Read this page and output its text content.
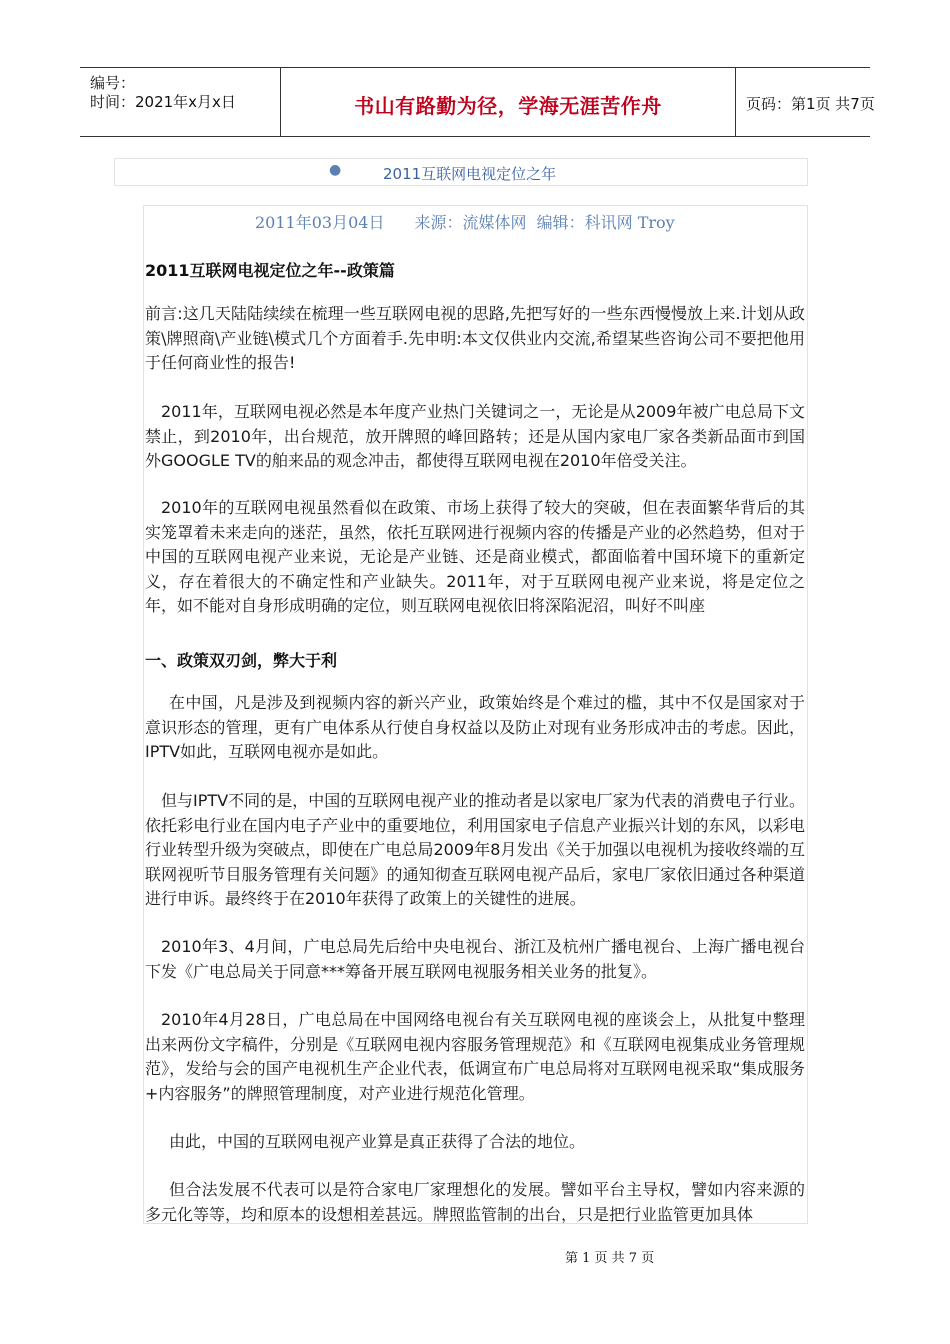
编号：
时间：2021年x月x日	书山有路勤为径，学海无涯苦作舟	页码：第1页 共7页
●	2011互联网电视定位之年
2011年03月04日 来源：流媒体网 编辑：科讯网 Troy
2011互联网电视定位之年--政策篇
前言:这几天陆陆续续在梳理一些互联网电视的思路,先把写好的一些东西慢慢放上来.计划从政策\牌照商\产业链\模式几个方面着手.先申明:本文仅供业内交流,希望某些咨询公司不要把他用于任何商业性的报告!
2011年，互联网电视必然是本年度产业热门关键词之一，无论是从2009年被广电总局下文禁止，到2010年，出台规范，放开牌照的峰回路转；还是从国内家电厂家各类新品面市到国外GOOGLE TV的舶来品的观念冲击，都使得互联网电视在2010年倍受关注。
2010年的互联网电视虽然看似在政策、市场上获得了较大的突破，但在表面繁华背后的其实笼罩着未来走向的迷茫，虽然，依托互联网进行视频内容的传播是产业的必然趋势，但对于中国的互联网电视产业来说，无论是产业链、还是商业模式，都面临着中国环境下的重新定义，存在着很大的不确定性和产业缺失。2011年，对于互联网电视产业来说，将是定位之年，如不能对自身形成明确的定位，则互联网电视依旧将深陷泥沼，叫好不叫座
一、政策双刃剑，弊大于利
在中国，凡是涉及到视频内容的新兴产业，政策始终是个难过的槛，其中不仅是国家对于意识形态的管理，更有广电体系从行使自身权益以及防止对现有业务形成冲击的考虑。因此，IPTV如此，互联网电视亦是如此。
但与IPTV不同的是，中国的互联网电视产业的推动者是以家电厂家为代表的消费电子行业。依托彩电行业在国内电子产业中的重要地位，利用国家电子信息产业振兴计划的东风，以彩电行业转型升级为突破点，即使在广电总局2009年8月发出《关于加强以电视机为接收终端的互联网视听节目服务管理有关问题》的通知彻查互联网电视产品后，家电厂家依旧通过各种渠道进行申诉。最终终于在2010年获得了政策上的关键性的进展。
2010年3、4月间，广电总局先后给中央电视台、浙江及杭州广播电视台、上海广播电视台下发《广电总局关于同意***筹备开展互联网电视服务相关业务的批复》。
2010年4月28日，广电总局在中国网络电视台有关互联网电视的座谈会上，从批复中整理出来两份文字稿件，分别是《互联网电视内容服务管理规范》和《互联网电视集成业务管理规范》，发给与会的国产电视机生产企业代表，低调宣布广电总局将对互联网电视采取“集成服务+内容服务”的牌照管理制度，对产业进行规范化管理。
由此，中国的互联网电视产业算是真正获得了合法的地位。
但合法发展不代表可以是符合家电厂家理想化的发展。譬如平台主导权，譬如内容来源的多元化等等，均和原本的设想相差甚远。牌照监管制的出台，只是把行业监管更加具体
第 1 页 共 7 页
